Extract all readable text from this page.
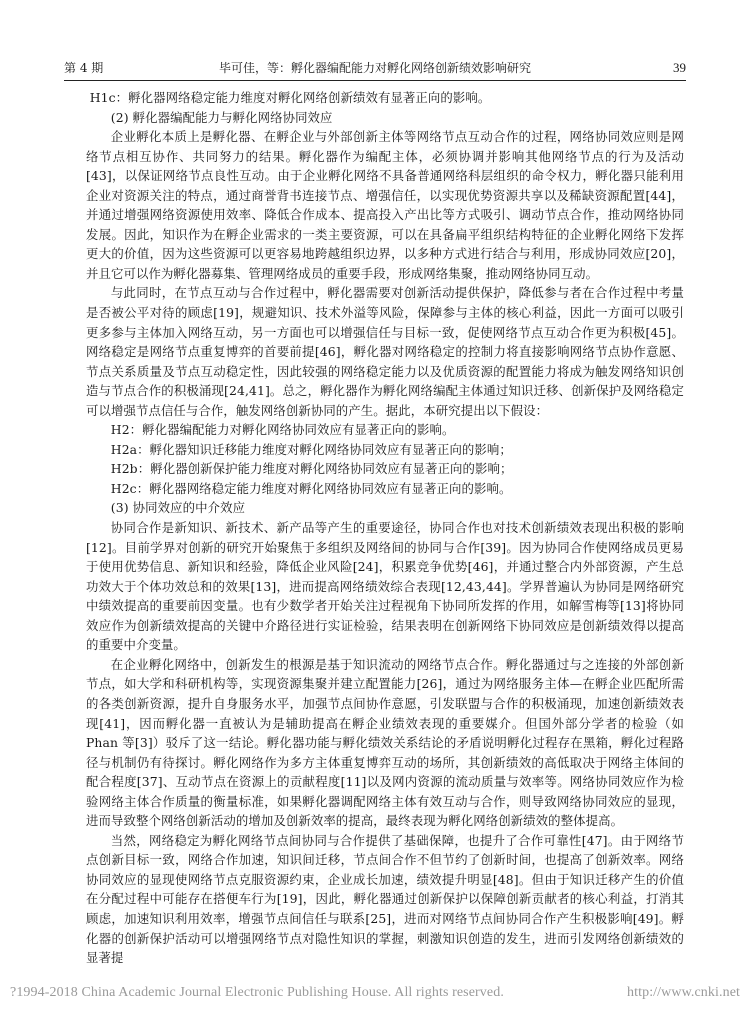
第 4 期	毕可佳，等：孵化器编配能力对孵化网络创新绩效影响研究	39

H1c：孵化器网络稳定能力维度对孵化网络创新绩效有显著正向的影响。

(2) 孵化器编配能力与孵化网络协同效应

企业孵化本质上是孵化器、在孵企业与外部创新主体等网络节点互动合作的过程，网络协同效应则是网络节点相互协作、共同努力的结果。孵化器作为编配主体，必须协调并影响其他网络节点的行为及活动[43]，以保证网络节点良性互动。由于企业孵化网络不具备普通网络科层组织的命令权力，孵化器只能利用企业对资源关注的特点，通过商誉背书连接节点、增强信任，以实现优势资源共享以及稀缺资源配置[44]，并通过增强网络资源使用效率、降低合作成本、提高投入产出比等方式吸引、调动节点合作，推动网络协同发展。因此，知识作为在孵企业需求的一类主要资源，可以在具备扁平组织结构特征的企业孵化网络下发挥更大的价值，因为这些资源可以更容易地跨越组织边界，以多种方式进行结合与利用，形成协同效应[20]，并且它可以作为孵化器募集、管理网络成员的重要手段，形成网络集聚，推动网络协同互动。

与此同时，在节点互动与合作过程中，孵化器需要对创新活动提供保护，降低参与者在合作过程中考量是否被公平对待的顾虑[19]，规避知识、技术外溢等风险，保障参与主体的核心利益，因此一方面可以吸引更多参与主体加入网络互动，另一方面也可以增强信任与目标一致，促使网络节点互动合作更为积极[45]。网络稳定是网络节点重复博弈的首要前提[46]，孵化器对网络稳定的控制力将直接影响网络节点协作意愿、节点关系质量及节点互动稳定性，因此较强的网络稳定能力以及优质资源的配置能力将成为触发网络知识创造与节点合作的积极涌现[24,41]。总之，孵化器作为孵化网络编配主体通过知识迁移、创新保护及网络稳定可以增强节点信任与合作，触发网络创新协同的产生。据此，本研究提出以下假设：

H2：孵化器编配能力对孵化网络协同效应有显著正向的影响。

H2a：孵化器知识迁移能力维度对孵化网络协同效应有显著正向的影响；

H2b：孵化器创新保护能力维度对孵化网络协同效应有显著正向的影响；

H2c：孵化器网络稳定能力维度对孵化网络协同效应有显著正向的影响。

(3) 协同效应的中介效应

协同合作是新知识、新技术、新产品等产生的重要途径，协同合作也对技术创新绩效表现出积极的影响[12]。目前学界对创新的研究开始聚焦于多组织及网络间的协同与合作[39]。因为协同合作使网络成员更易于使用优势信息、新知识和经验，降低企业风险[24]，积累竞争优势[46]，并通过整合内外部资源，产生总功效大于个体功效总和的效果[13]，进而提高网络绩效综合表现[12,43,44]。学界普遍认为协同是网络研究中绩效提高的重要前因变量。也有少数学者开始关注过程视角下协同所发挥的作用，如解雪梅等[13]将协同效应作为创新绩效提高的关键中介路径进行实证检验，结果表明在创新网络下协同效应是创新绩效得以提高的重要中介变量。

在企业孵化网络中，创新发生的根源是基于知识流动的网络节点合作。孵化器通过与之连接的外部创新节点，如大学和科研机构等，实现资源集聚并建立配置能力[26]，通过为网络服务主体—在孵企业匹配所需的各类创新资源，提升自身服务水平，加强节点间协作意愿，引发联盟与合作的积极涌现，加速创新绩效表现[41]，因而孵化器一直被认为是辅助提高在孵企业绩效表现的重要媒介。但国外部分学者的检验（如 Phan 等[3]）驳斥了这一结论。孵化器功能与孵化绩效关系结论的矛盾说明孵化过程存在黑箱，孵化过程路径与机制仍有待探讨。孵化网络作为多方主体重复博弈互动的场所，其创新绩效的高低取决于网络主体间的配合程度[37]、互动节点在资源上的贡献程度[11]以及网内资源的流动质量与效率等。网络协同效应作为检验网络主体合作质量的衡量标准，如果孵化器调配网络主体有效互动与合作，则导致网络协同效应的显现，进而导致整个网络创新活动的增加及创新效率的提高，最终表现为孵化网络创新绩效的整体提高。

当然，网络稳定为孵化网络节点间协同与合作提供了基础保障，也提升了合作可靠性[47]。由于网络节点创新目标一致，网络合作加速，知识间迁移，节点间合作不但节约了创新时间，也提高了创新效率。网络协同效应的显现使网络节点克服资源约束，企业成长加速，绩效提升明显[48]。但由于知识迁移产生的价值在分配过程中可能存在搭便车行为[19]，因此，孵化器通过创新保护以保障创新贡献者的核心利益，打消其顾虑，加速知识利用效率，增强节点间信任与联系[25]，进而对网络节点间协同合作产生积极影响[49]。孵化器的创新保护活动可以增强网络节点对隐性知识的掌握，刺激知识创造的发生，进而引发网络创新绩效的显著提

?1994-2018 China Academic Journal Electronic Publishing House. All rights reserved.	http://www.cnki.net
